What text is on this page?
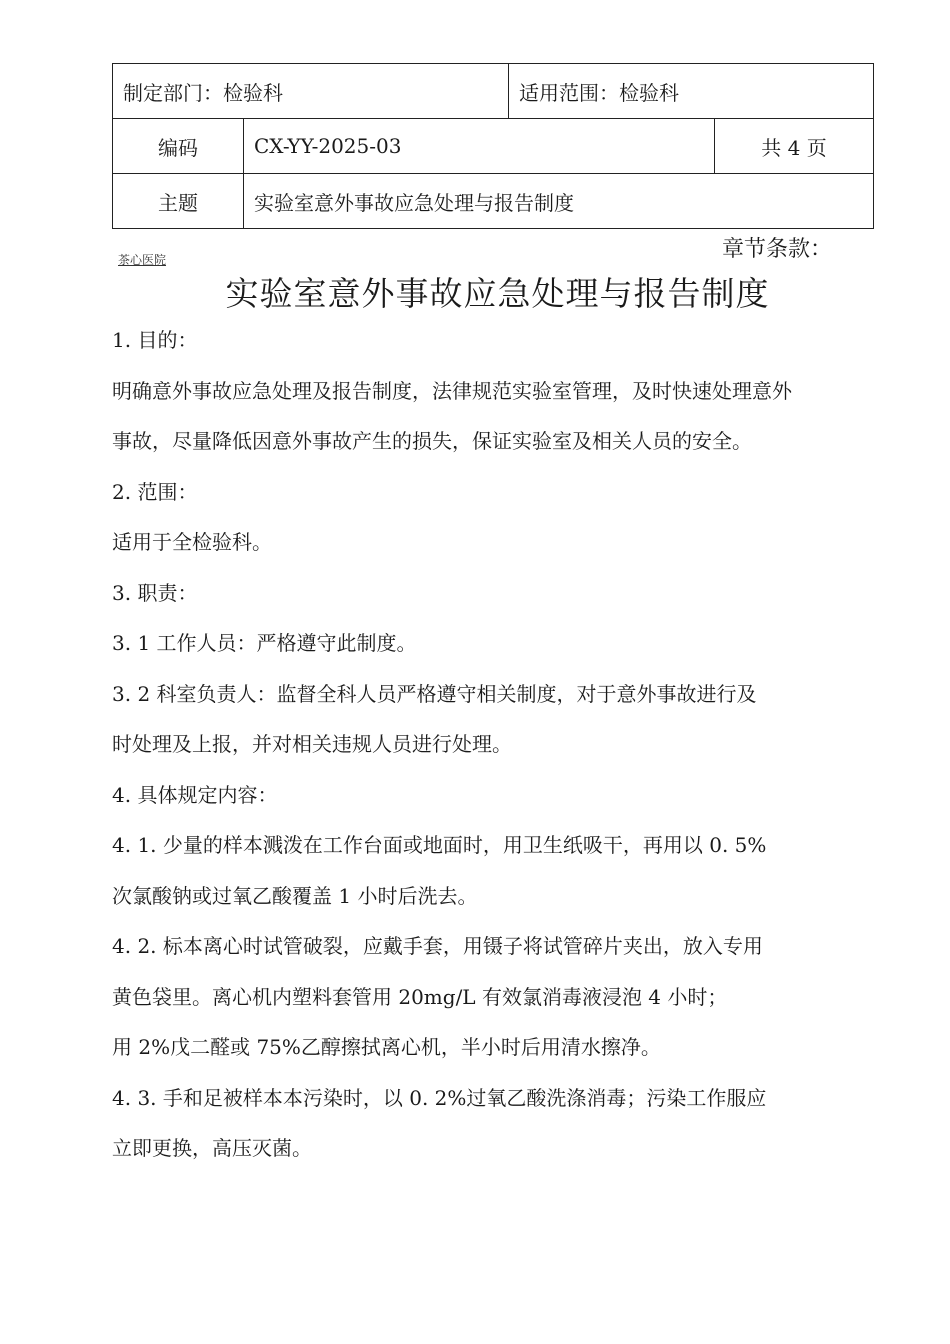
制定部门：检验科		适用范围：检验科	
编码	CX-YY-2025-03		共 4 页
主题	实验室意外事故应急处理与报告制度		
茶心医院	章节条款：
实验室意外事故应急处理与报告制度
1. 目的：
明确意外事故应急处理及报告制度，法律规范实验室管理，及时快速处理意外
事故，尽量降低因意外事故产生的损失，保证实验室及相关人员的安全。
2. 范围：
适用于全检验科。
3. 职责：
3. 1 工作人员：严格遵守此制度。
3. 2 科室负责人：监督全科人员严格遵守相关制度，对于意外事故进行及
时处理及上报，并对相关违规人员进行处理。
4. 具体规定内容：
4. 1. 少量的样本溅泼在工作台面或地面时，用卫生纸吸干，再用以 0. 5%
次氯酸钠或过氧乙酸覆盖 1 小时后洗去。
4. 2. 标本离心时试管破裂，应戴手套，用镊子将试管碎片夹出，放入专用
黄色袋里。离心机内塑料套管用 20mg/L 有效氯消毒液浸泡 4 小时；
用 2%戊二醛或 75%乙醇擦拭离心机，半小时后用清水擦净。
4. 3. 手和足被样本本污染时，以 0. 2%过氧乙酸洗涤消毒；污染工作服应
立即更换，高压灭菌。
